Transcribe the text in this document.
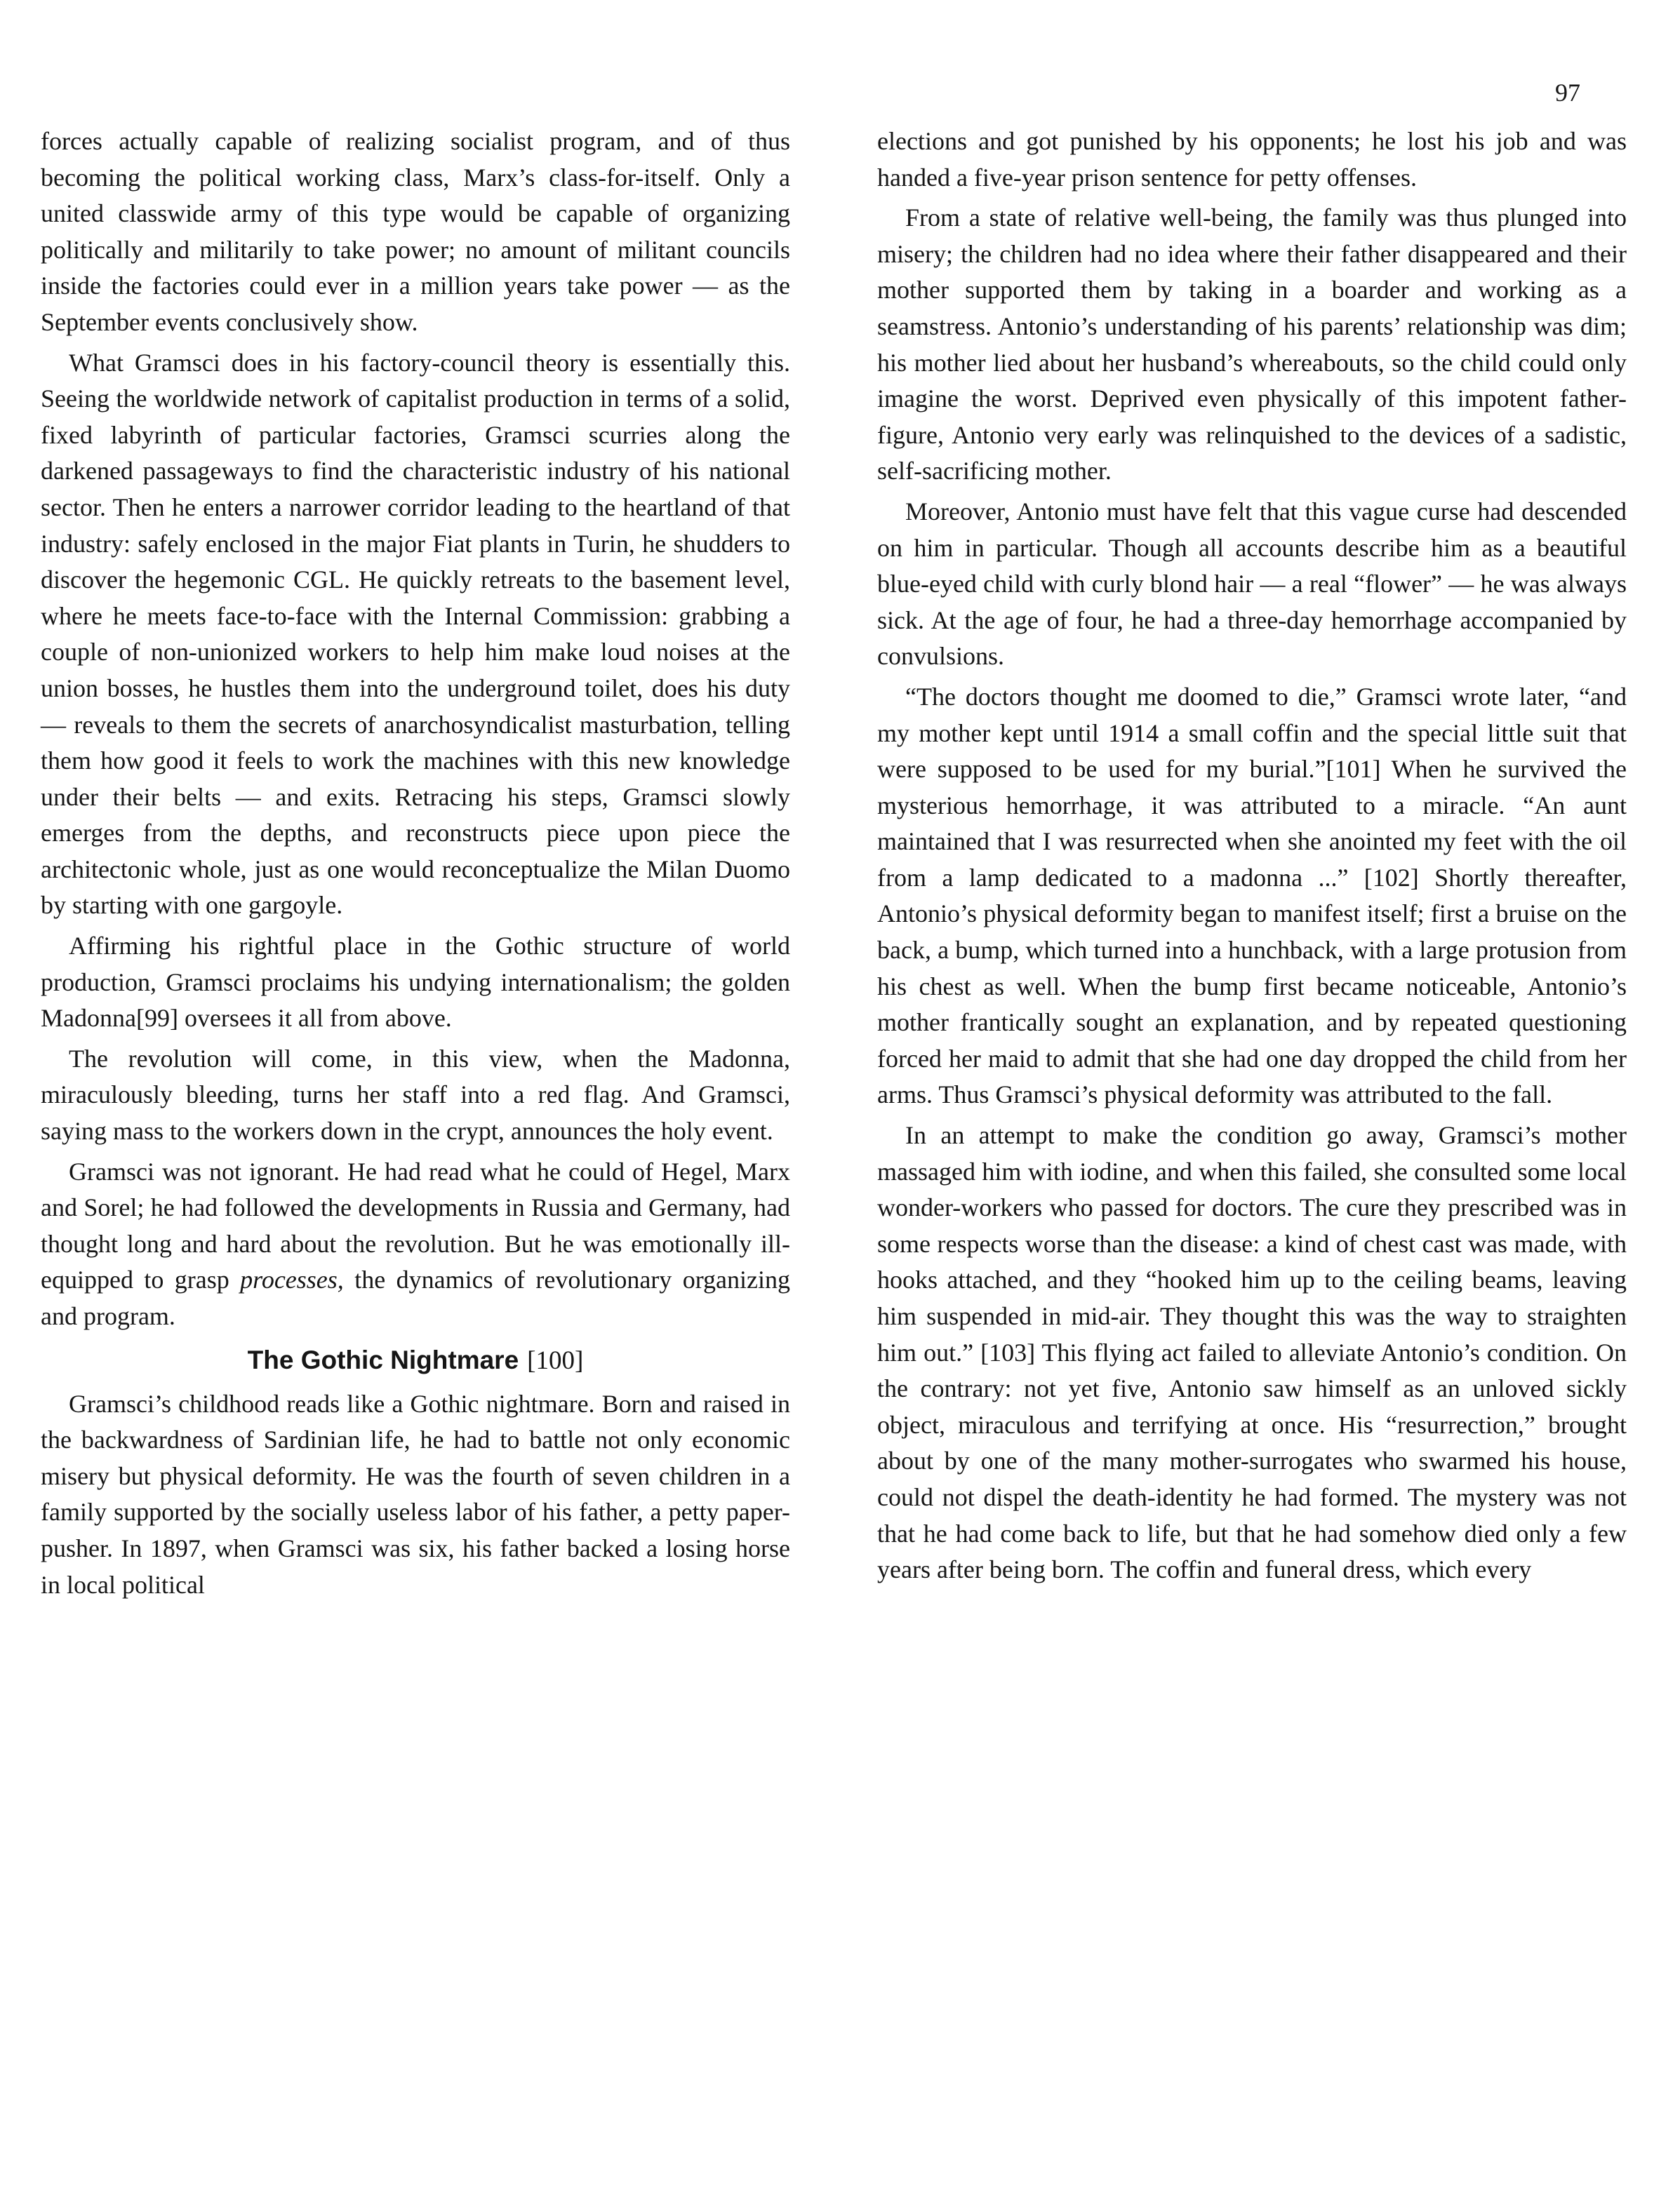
97

forces actually capable of realizing socialist program, and of thus becoming the political working class, Marx’s class-for-itself. Only a united classwide army of this type would be capable of organizing politically and militarily to take power; no amount of militant councils inside the factories could ever in a million years take power — as the September events conclusively show.

What Gramsci does in his factory-council theory is essentially this. Seeing the worldwide network of capitalist production in terms of a solid, fixed labyrinth of particular factories, Gramsci scurries along the darkened passageways to find the characteristic industry of his national sector. Then he enters a narrower corridor leading to the heartland of that industry: safely enclosed in the major Fiat plants in Turin, he shudders to discover the hegemonic CGL. He quickly retreats to the basement level, where he meets face-to-face with the Internal Commission: grabbing a couple of non-unionized workers to help him make loud noises at the union bosses, he hustles them into the underground toilet, does his duty — reveals to them the secrets of anarchosyndicalist masturbation, telling them how good it feels to work the machines with this new knowledge under their belts — and exits. Retracing his steps, Gramsci slowly emerges from the depths, and reconstructs piece upon piece the architectonic whole, just as one would reconceptualize the Milan Duomo by starting with one gargoyle.

Affirming his rightful place in the Gothic structure of world production, Gramsci proclaims his undying internationalism; the golden Madonna[99] oversees it all from above.

The revolution will come, in this view, when the Madonna, miraculously bleeding, turns her staff into a red flag. And Gramsci, saying mass to the workers down in the crypt, announces the holy event.

Gramsci was not ignorant. He had read what he could of Hegel, Marx and Sorel; he had followed the developments in Russia and Germany, had thought long and hard about the revolution. But he was emotionally ill-equipped to grasp processes, the dynamics of revolutionary organizing and program.

The Gothic Nightmare [100]

Gramsci’s childhood reads like a Gothic nightmare. Born and raised in the backwardness of Sardinian life, he had to battle not only economic misery but physical deformity. He was the fourth of seven children in a family supported by the socially useless labor of his father, a petty paper-pusher. In 1897, when Gramsci was six, his father backed a losing horse in local political

elections and got punished by his opponents; he lost his job and was handed a five-year prison sentence for petty offenses.

From a state of relative well-being, the family was thus plunged into misery; the children had no idea where their father disappeared and their mother supported them by taking in a boarder and working as a seamstress. Antonio’s understanding of his parents’ relationship was dim; his mother lied about her husband’s whereabouts, so the child could only imagine the worst. Deprived even physically of this impotent father-figure, Antonio very early was relinquished to the devices of a sadistic, self-sacrificing mother.

Moreover, Antonio must have felt that this vague curse had descended on him in particular. Though all accounts describe him as a beautiful blue-eyed child with curly blond hair — a real “flower” — he was always sick. At the age of four, he had a three-day hemorrhage accompanied by convulsions.

“The doctors thought me doomed to die,” Gramsci wrote later, “and my mother kept until 1914 a small coffin and the special little suit that were supposed to be used for my burial.”[101] When he survived the mysterious hemorrhage, it was attributed to a miracle. “An aunt maintained that I was resurrected when she anointed my feet with the oil from a lamp dedicated to a madonna ...” [102] Shortly thereafter, Antonio’s physical deformity began to manifest itself; first a bruise on the back, a bump, which turned into a hunchback, with a large protusion from his chest as well. When the bump first became noticeable, Antonio’s mother frantically sought an explanation, and by repeated questioning forced her maid to admit that she had one day dropped the child from her arms. Thus Gramsci’s physical deformity was attributed to the fall.

In an attempt to make the condition go away, Gramsci’s mother massaged him with iodine, and when this failed, she consulted some local wonder-workers who passed for doctors. The cure they prescribed was in some respects worse than the disease: a kind of chest cast was made, with hooks attached, and they “hooked him up to the ceiling beams, leaving him suspended in mid-air. They thought this was the way to straighten him out.” [103] This flying act failed to alleviate Antonio’s condition. On the contrary: not yet five, Antonio saw himself as an unloved sickly object, miraculous and terrifying at once. His “resurrection,” brought about by one of the many mother-surrogates who swarmed his house, could not dispel the death-identity he had formed. The mystery was not that he had come back to life, but that he had somehow died only a few years after being born. The coffin and funeral dress, which every
